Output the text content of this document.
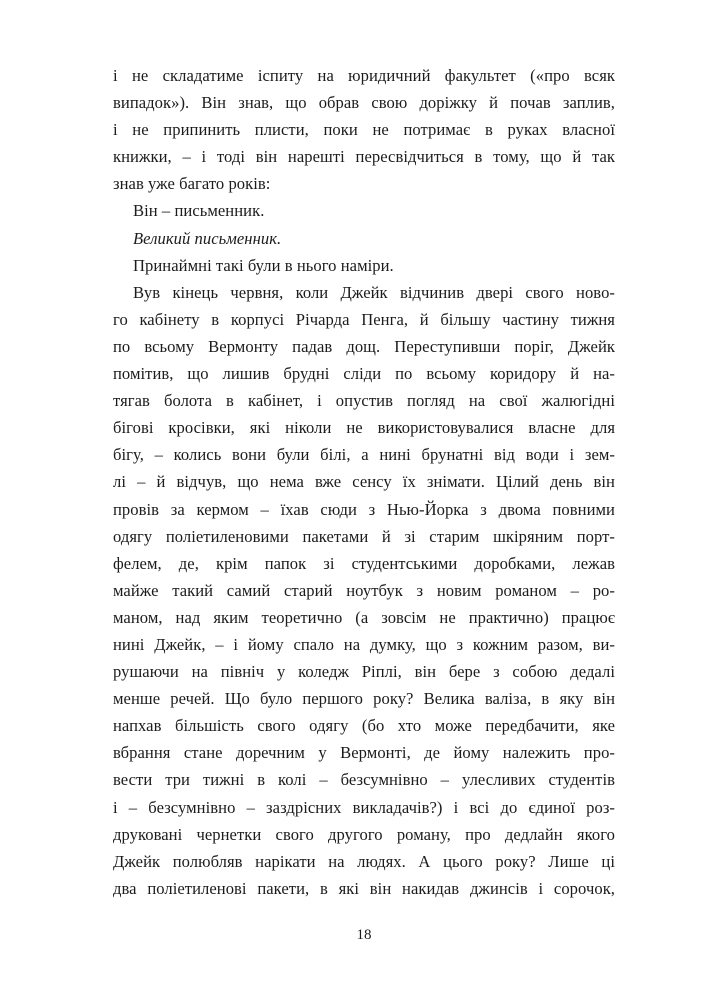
і не складатиме іспиту на юридичний факультет («про всяк
випадок»). Він знав, що обрав свою доріжку й почав заплив,
і не припинить плисти, поки не потримає в руках власної
книжки, – і тоді він нарешті пересвідчиться в тому, що й так
знав уже багато років:
Він – письменник.
Великий письменник.
Принаймні такі були в нього наміри.
Вув кінець червня, коли Джейк відчинив двері свого ново-
го кабінету в корпусі Річарда Пенга, й більшу частину тижня
по всьому Вермонту падав дощ. Переступивши поріг, Джейк
помітив, що лишив брудні сліди по всьому коридору й на-
тягав болота в кабінет, і опустив погляд на свої жалюгідні
бігові кросівки, які ніколи не використовувалися власне для
бігу, – колись вони були білі, а нині брунатні від води і зем-
лі – й відчув, що нема вже сенсу їх знімати. Цілий день він
провів за кермом – їхав сюди з Нью-Йорка з двома повними
одягу поліетиленовими пакетами й зі старим шкіряним порт-
фелем, де, крім папок зі студентськими доробками, лежав
майже такий самий старий ноутбук з новим романом – ро-
маном, над яким теоретично (а зовсім не практично) працює
нині Джейк, – і йому спало на думку, що з кожним разом, ви-
рушаючи на північ у коледж Ріплі, він бере з собою дедалі
менше речей. Що було першого року? Велика валіза, в яку він
напхав більшість свого одягу (бо хто може передбачити, яке
вбрання стане доречним у Вермонті, де йому належить про-
вести три тижні в колі – безсумнівно – улесливих студентів
і – безсумнівно – заздрісних викладачів?) і всі до єдиної роз-
друковані чернетки свого другого роману, про дедлайн якого
Джейк полюбляв нарікати на людях. А цього року? Лише ці
два поліетиленові пакети, в які він накидав джинсів і сорочок,
18
